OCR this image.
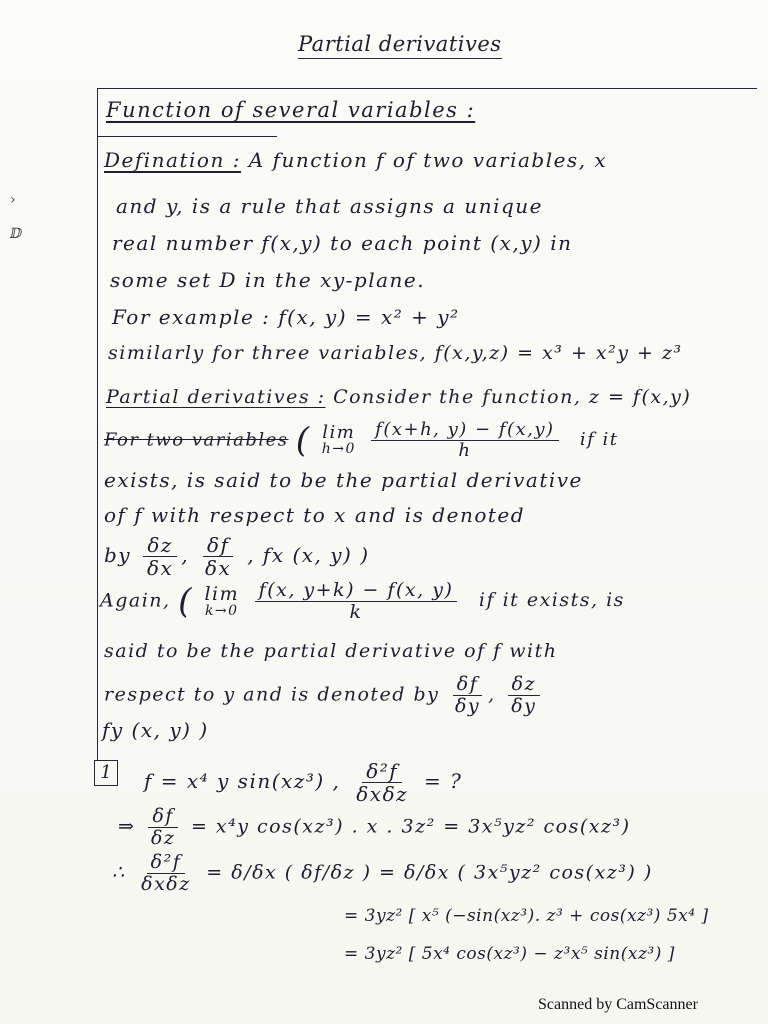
›
ⅅ
Partial derivatives
Function of several variables :
Defination : A function f of two variables, x
and y, is a rule that assigns a unique
real number f(x,y) to each point (x,y) in
some set D in the xy-plane.
For example : f(x, y) = x² + y²
similarly for three variables, f(x,y,z) = x³ + x²y + z³
Partial derivatives : Consider the function, z = f(x,y)
For two variables ( lim
h→0
$\frac{f(x+h, y) - f(x,y)}{h}$ if it
exists, is said to be the partial derivative
of f with respect to x and is denoted
by $\frac{\delta z}{\delta x}$ , $\frac{\delta f}{\delta x}$ , fx (x, y) )
Again, ( lim
k→0
$\frac{f(x, y+k) - f(x, y)}{k}$ if it exists, is
said to be the partial derivative of f with
respect to y and is denoted by $\frac{\delta f}{\delta y}$ , $\frac{\delta z}{\delta y}$
fy (x, y) )
1	f = x⁴ y sin(xz³) , $\frac{\text{δ²f}}{\text{δxδz}}$ = ?
⇒ $\frac{\delta f}{\delta z} = x^4y$ cos(xz³) . x . 3z² = 3x⁵yz² cos(xz³)
∴ $\frac{\text{δ²f}}{\text{δxδz}} = \delta/\delta x$ ( δf/δz ) = δ/δx ( 3x⁵yz² cos(xz³) )
= 3yz² [ x⁵ (−sin(xz³). z³ + cos(xz³) 5x⁴ ]
= 3yz² [ 5x⁴ cos(xz³) − z³x⁵ sin(xz³) ]
Scanned by CamScanner
